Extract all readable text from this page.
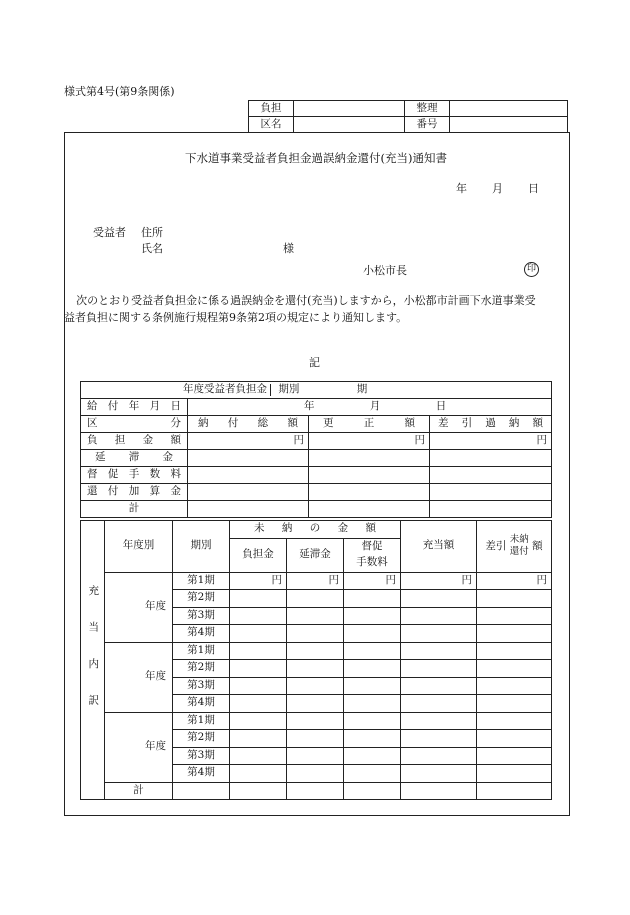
様式第4号(第9条関係)
負担		整理	
区名		番号	
下水道事業受益者負担金過誤納金還付(充当)通知書
年 月 日
受益者 住所
氏名	様
小松市長	印
次のとおり受益者負担金に係る過誤納金を還付(充当)しますから，小松都市計画下水道事業受益者負担に関する条例施行規程第9条第2項の規定により通知します。
記
年度受益者負担金 期別 期			
給付年月日	年 月 日		
区分	納付総額	更正額	差引過納額
負担金額	円	円	円
延滞金			
督促手数料			
還付加算金			
計			
充当内訳	年度別	期別	未納の金額			充当額	差引 未納
還付 額
			負担金	延滞金	督促		
					手数料		
	年度	第1期	円	円	円	円	円
		第2期					
		第3期					
		第4期					
	年度	第1期					
		第2期					
		第3期					
		第4期					
	年度	第1期					
		第2期					
		第3期					
		第4期					
	計						
